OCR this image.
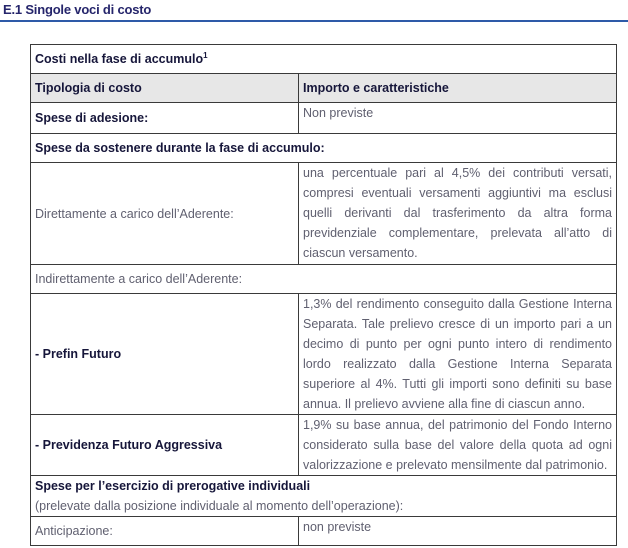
E.1 Singole voci di costo
Costi nella fase di accumulo$^1$
Tipologia di costo	Importo e caratteristiche
Spese di adesione:	Non previste
Spese da sostenere durante la fase di accumulo:	
Direttamente a carico dell’Aderente:	una percentuale pari al 4,5% dei contributi versati, compresi eventuali versamenti aggiuntivi ma esclusi quelli derivanti dal trasferimento da altra forma previdenziale complementare, prelevata all’atto di ciascun versamento.
Indirettamente a carico dell’Aderente:	
- Prefin Futuro	1,3% del rendimento conseguito dalla Gestione Interna Separata. Tale prelievo cresce di un importo pari a un decimo di punto per ogni punto intero di rendimento lordo realizzato dalla Gestione Interna Separata superiore al 4%. Tutti gli importi sono definiti su base annua. Il prelievo avviene alla fine di ciascun anno.
- Previdenza Futuro Aggressiva	1,9% su base annua, del patrimonio del Fondo Interno considerato sulla base del valore della quota ad ogni valorizzazione e prelevato mensilmente dal patrimonio.
Spese per l’esercizio di prerogative individuali
(prelevate dalla posizione individuale al momento dell’operazione):	

Anticipazione:	non previste
